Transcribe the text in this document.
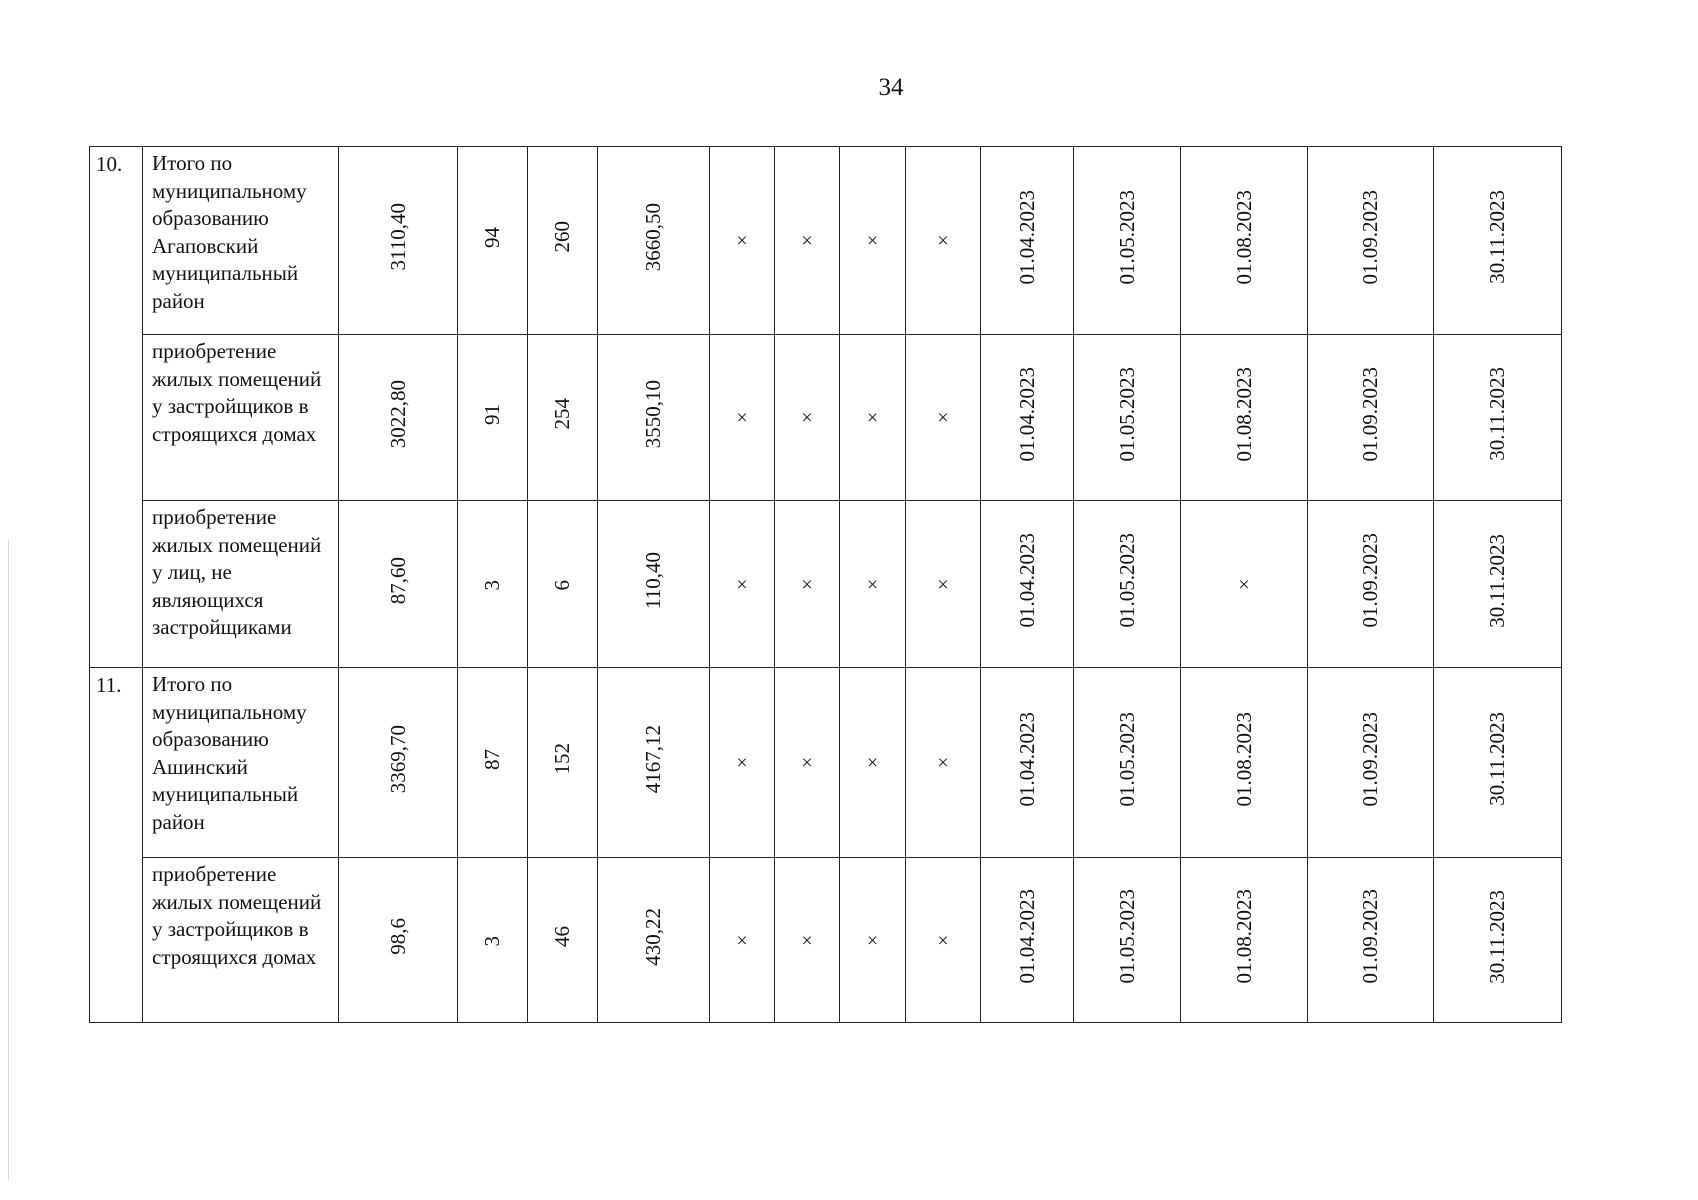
34
10.	Итого по муниципальному образованию Агаповский муниципальный район	3110,40	94	260	3660,50	×	×	×	×	01.04.2023	01.05.2023	01.08.2023	01.09.2023	30.11.2023
	приобретение жилых помещений у застройщиков в строящихся домах	3022,80	91	254	3550,10	×	×	×	×	01.04.2023	01.05.2023	01.08.2023	01.09.2023	30.11.2023
	приобретение жилых помещений у лиц, не являющихся застройщиками	87,60	3	6	110,40	×	×	×	×	01.04.2023	01.05.2023	×	01.09.2023	30.11.2023
11.	Итого по муниципальному образованию Ашинский муниципальный район	3369,70	87	152	4167,12	×	×	×	×	01.04.2023	01.05.2023	01.08.2023	01.09.2023	30.11.2023
	приобретение жилых помещений у застройщиков в строящихся домах	98,6	3	46	430,22	×	×	×	×	01.04.2023	01.05.2023	01.08.2023	01.09.2023	30.11.2023
